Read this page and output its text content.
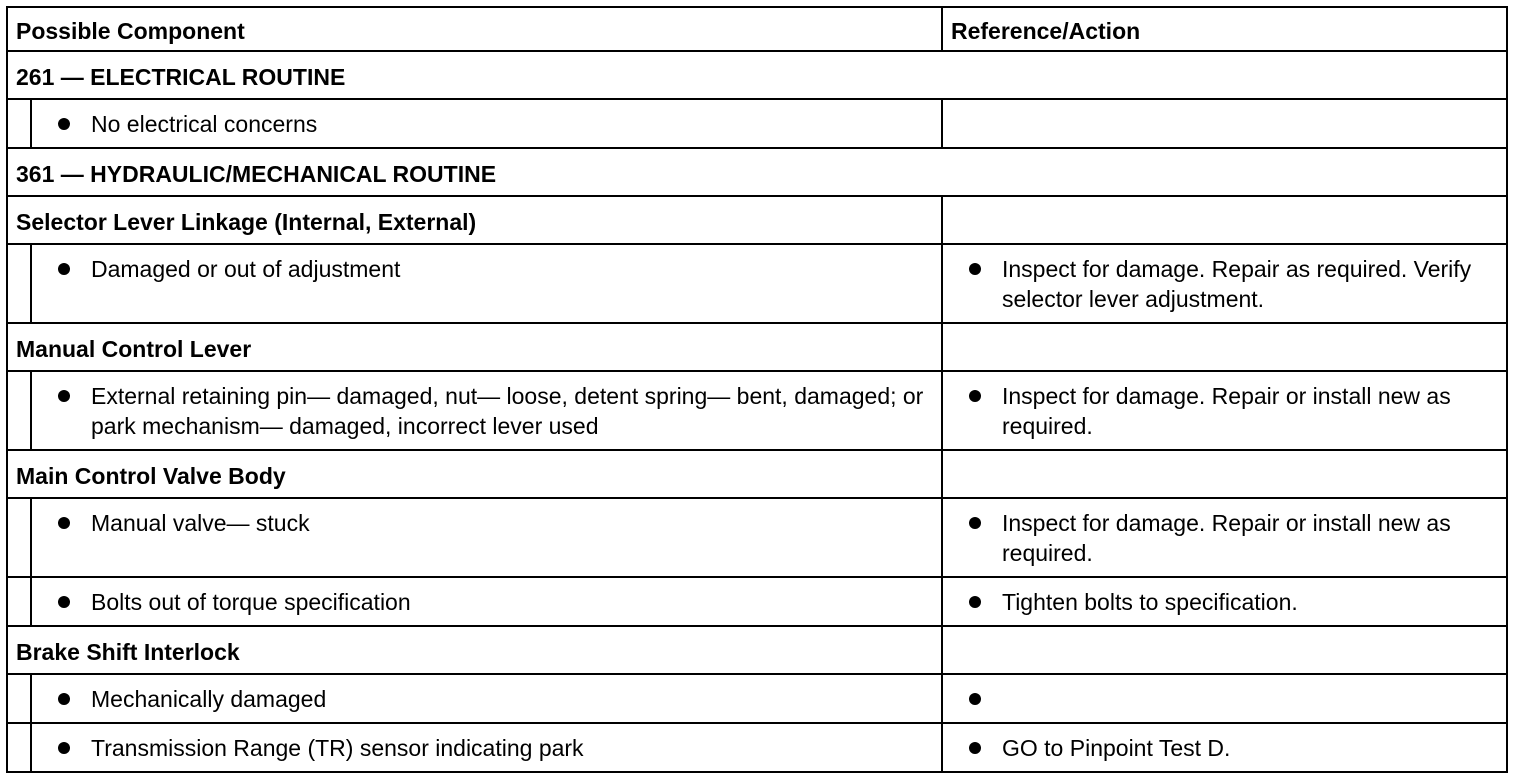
Possible Component		Reference/Action
261 — ELECTRICAL ROUTINE		

	No electrical concerns	

361 — HYDRAULIC/MECHANICAL ROUTINE		
Selector Lever Linkage (Internal, External)		

	Damaged or out of adjustment	Inspect for damage. Repair as required. Verify selector lever adjustment.

Manual Control Lever		

	External retaining pin— damaged, nut— loose, detent spring— bent, damaged; or park mechanism— damaged, incorrect lever used	Inspect for damage. Repair or install new as required.

Main Control Valve Body		

	Manual valve— stuck	Inspect for damage. Repair or install new as required.

	Bolts out of torque specification	Tighten bolts to specification.

Brake Shift Interlock		

	Mechanically damaged	

	Transmission Range (TR) sensor indicating park	GO to Pinpoint Test D.
